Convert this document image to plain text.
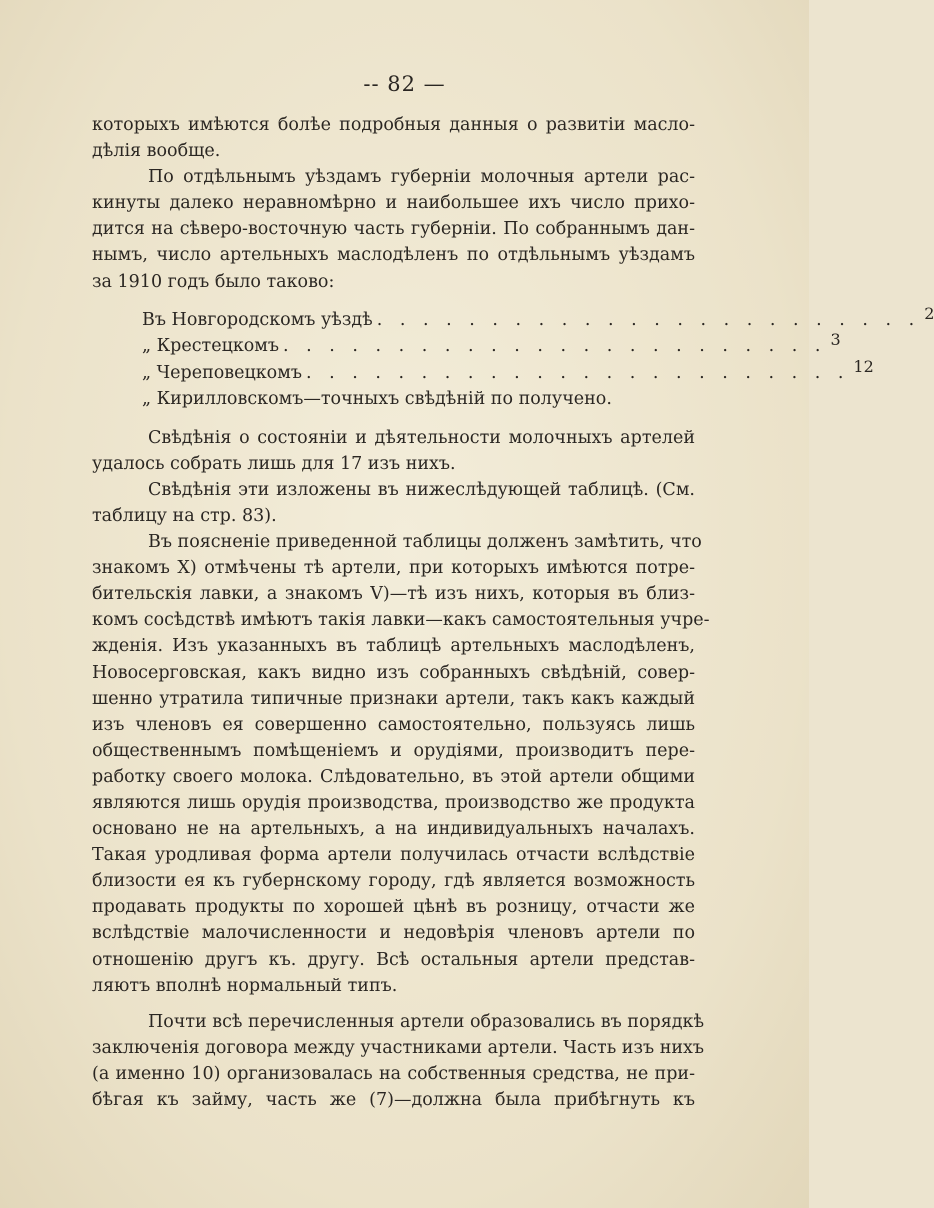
-- 82 —
которыхъ имѣются болѣе подробныя данныя о развитіи масло-
дѣлія вообще.
По отдѣльнымъ уѣздамъ губерніи молочныя артели рас-
кинуты далеко неравномѣрно и наибольшее ихъ число прихо-
дится на сѣверо-восточную часть губерніи. По собраннымъ дан-
нымъ, число артельныхъ маслодѣленъ по отдѣльнымъ уѣздамъ
за 1910 годъ было таково:
Въ Новгородскомъ уѣздѣ . . . . . . . . . . . . . . . . . . . . . . . . 2
„ Крестецкомъ . . . . . . . . . . . . . . . . . . . . . . . . 3
„ Череповецкомъ . . . . . . . . . . . . . . . . . . . . . . . . 12
„ Кирилловскомъ—точныхъ свѣдѣній по получено.
Свѣдѣнія о состояніи и дѣятельности молочныхъ артелей
удалось собрать лишь для 17 изъ нихъ.
Свѣдѣнія эти изложены въ нижеслѣдующей таблицѣ. (См.
таблицу на стр. 83).
Въ поясненіе приведенной таблицы долженъ замѣтить, что
знакомъ X) отмѣчены тѣ артели, при которыхъ имѣются потре-
бительскія лавки, а знакомъ V)—тѣ изъ нихъ, которыя въ близ-
комъ сосѣдствѣ имѣютъ такія лавки—какъ самостоятельныя учре-
жденія. Изъ указанныхъ въ таблицѣ артельныхъ маслодѣленъ,
Новосерговская, какъ видно изъ собранныхъ свѣдѣній, совер-
шенно утратила типичные признаки артели, такъ какъ каждый
изъ членовъ ея совершенно самостоятельно, пользуясь лишь
общественнымъ помѣщеніемъ и орудіями, производитъ пере-
работку своего молока. Слѣдовательно, въ этой артели общими
являются лишь орудія производства, производство же продукта
основано не на артельныхъ, а на индивидуальныхъ началахъ.
Такая уродливая форма артели получилась отчасти вслѣдствіе
близости ея къ губернскому городу, гдѣ является возможность
продавать продукты по хорошей цѣнѣ въ розницу, отчасти же
вслѣдствіе малочисленности и недовѣрія членовъ артели по
отношенію другъ къ. другу. Всѣ остальныя артели представ-
ляютъ вполнѣ нормальный типъ.
Почти всѣ перечисленныя артели образовались въ порядкѣ
заключенія договора между участниками артели. Часть изъ нихъ
(а именно 10) организовалась на собственныя средства, не при-
бѣгая къ займу, часть же (7)—должна была прибѣгнуть къ
